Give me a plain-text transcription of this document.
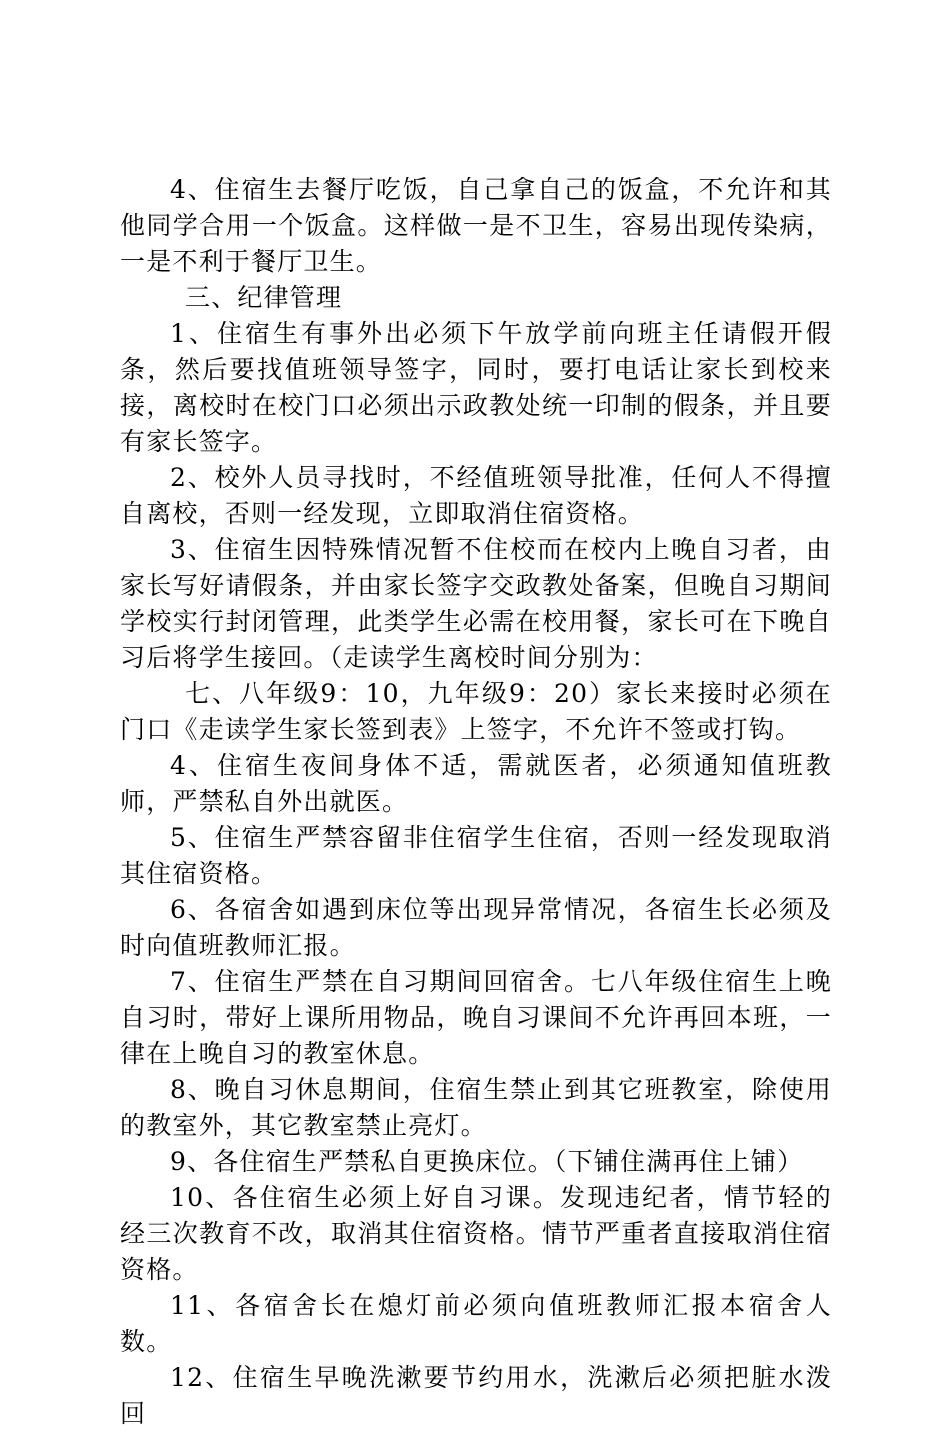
4、住宿生去餐厅吃饭，自己拿自己的饭盒，不允许和其他同学合用一个饭盒。这样做一是不卫生，容易出现传染病，一是不利于餐厅卫生。

三、纪律管理

1、住宿生有事外出必须下午放学前向班主任请假开假条，然后要找值班领导签字，同时，要打电话让家长到校来接，离校时在校门口必须出示政教处统一印制的假条，并且要有家长签字。

2、校外人员寻找时，不经值班领导批准，任何人不得擅自离校，否则一经发现，立即取消住宿资格。

3、住宿生因特殊情况暂不住校而在校内上晚自习者，由家长写好请假条，并由家长签字交政教处备案，但晚自习期间学校实行封闭管理，此类学生必需在校用餐，家长可在下晚自习后将学生接回。（走读学生离校时间分别为：

七、八年级9：10，九年级9：20）家长来接时必须在门口《走读学生家长签到表》上签字，不允许不签或打钩。

4、住宿生夜间身体不适，需就医者，必须通知值班教师，严禁私自外出就医。

5、住宿生严禁容留非住宿学生住宿，否则一经发现取消其住宿资格。

6、各宿舍如遇到床位等出现异常情况，各宿生长必须及时向值班教师汇报。

7、住宿生严禁在自习期间回宿舍。七八年级住宿生上晚自习时，带好上课所用物品，晚自习课间不允许再回本班，一律在上晚自习的教室休息。

8、晚自习休息期间，住宿生禁止到其它班教室，除使用的教室外，其它教室禁止亮灯。

9、各住宿生严禁私自更换床位。（下铺住满再住上铺）

10、各住宿生必须上好自习课。发现违纪者，情节轻的经三次教育不改，取消其住宿资格。情节严重者直接取消住宿资格。

11、各宿舍长在熄灯前必须向值班教师汇报本宿舍人数。

12、住宿生早晚洗漱要节约用水，洗漱后必须把脏水泼回
